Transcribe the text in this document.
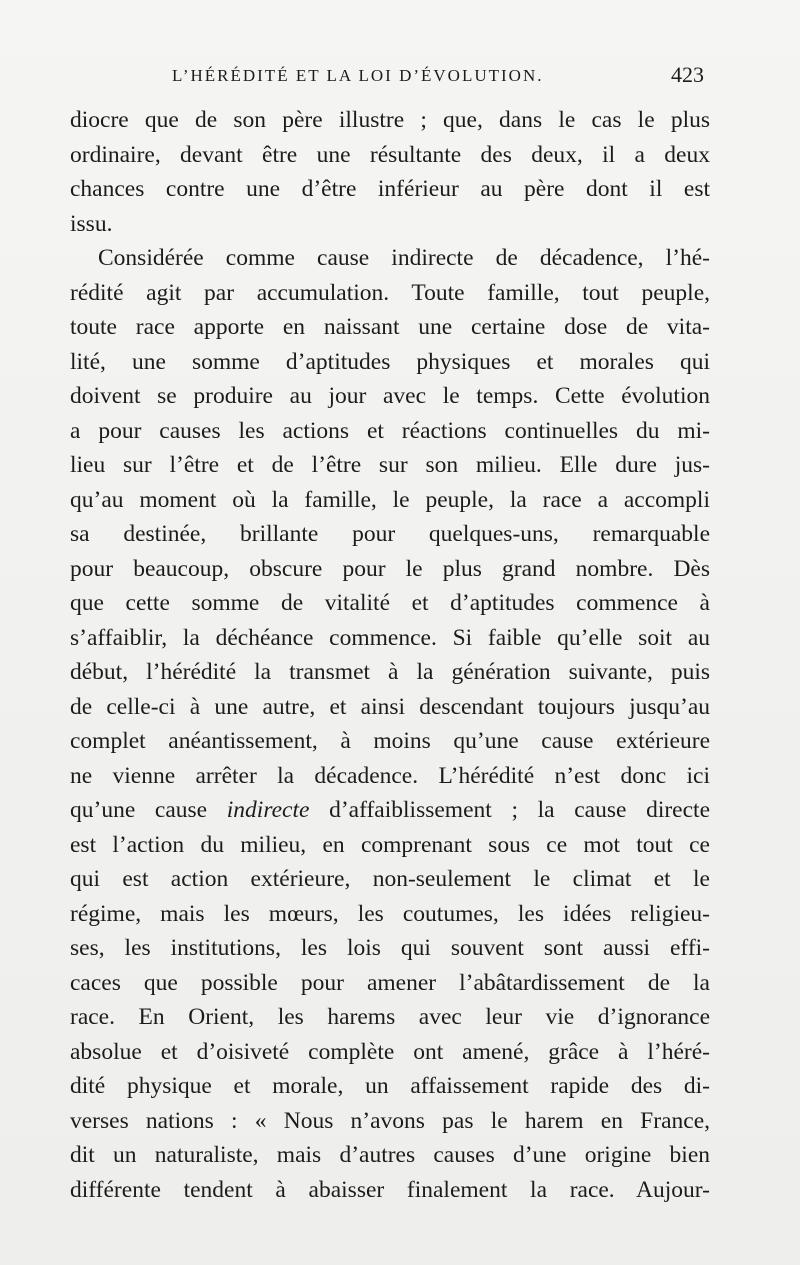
L’HÉRÉDITÉ ET LA LOI D’ÉVOLUTION.	423
diocre que de son père illustre ; que, dans le cas le plus
ordinaire, devant être une résultante des deux, il a deux
chances contre une d’être inférieur au père dont il est
issu.
Considérée comme cause indirecte de décadence, l’hé-
rédité agit par accumulation. Toute famille, tout peuple,
toute race apporte en naissant une certaine dose de vita-
lité, une somme d’aptitudes physiques et morales qui
doivent se produire au jour avec le temps. Cette évolution
a pour causes les actions et réactions continuelles du mi-
lieu sur l’être et de l’être sur son milieu. Elle dure jus-
qu’au moment où la famille, le peuple, la race a accompli
sa destinée, brillante pour quelques-uns, remarquable
pour beaucoup, obscure pour le plus grand nombre. Dès
que cette somme de vitalité et d’aptitudes commence à
s’affaiblir, la déchéance commence. Si faible qu’elle soit au
début, l’hérédité la transmet à la génération suivante, puis
de celle-ci à une autre, et ainsi descendant toujours jusqu’au
complet anéantissement, à moins qu’une cause extérieure
ne vienne arrêter la décadence. L’hérédité n’est donc ici
qu’une cause indirecte d’affaiblissement ; la cause directe
est l’action du milieu, en comprenant sous ce mot tout ce
qui est action extérieure, non-seulement le climat et le
régime, mais les mœurs, les coutumes, les idées religieu-
ses, les institutions, les lois qui souvent sont aussi effi-
caces que possible pour amener l’abâtardissement de la
race. En Orient, les harems avec leur vie d’ignorance
absolue et d’oisiveté complète ont amené, grâce à l’héré-
dité physique et morale, un affaissement rapide des di-
verses nations : « Nous n’avons pas le harem en France,
dit un naturaliste, mais d’autres causes d’une origine bien
différente tendent à abaisser finalement la race. Aujour-
